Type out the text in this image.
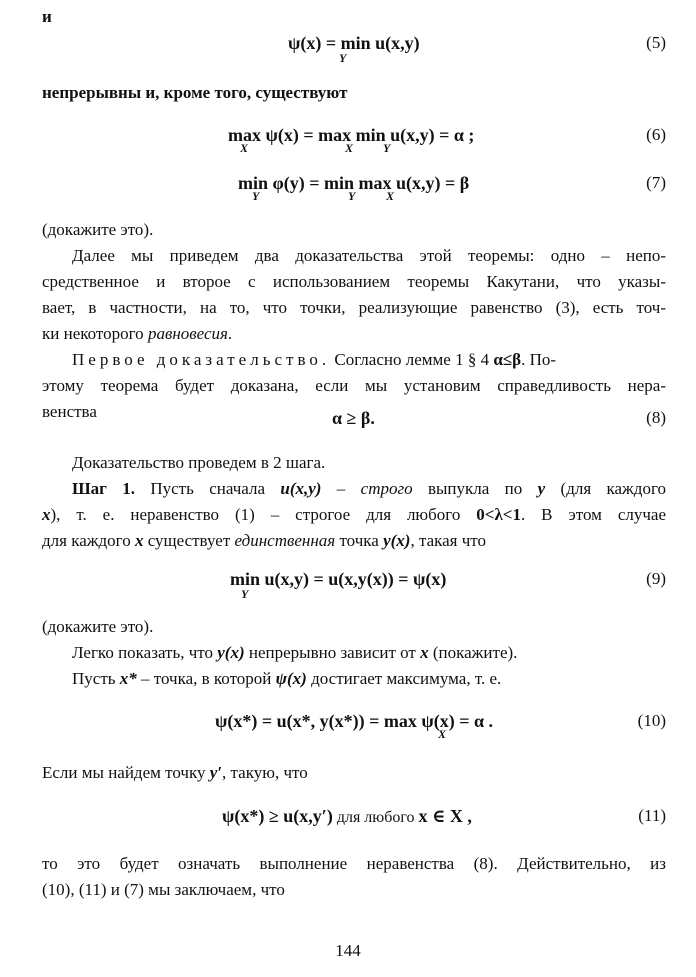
и
ψ(x) = min u(x,y)
Y
(5)
непрерывны и, кроме того, существуют
max ψ(x) = max min u(x,y) = α ;
X	X Y
(6)
min φ(y) = min max u(x,y) = β
Y	Y	X
(7)
(докажите это).
Далее мы приведем два доказательства этой теоремы: одно – непо-
средственное и второе с использованием теоремы Какутани, что указы-
вает, в частности, на то, что точки, реализующие равенство (3), есть точ-
ки некоторого равновесия.
Первое доказательство. Согласно лемме 1 § 4 α≤β. По-
этому теорема будет доказана, если мы установим справедливость нера-
венства	α ≥ β.	(8)
Доказательство проведем в 2 шага.
Шаг 1. Пусть сначала u(x,y) – строго выпукла по y (для каждого
x), т. е. неравенство (1) – строгое для любого 0<λ<1. В этом случае
для каждого x существует единственная точка y(x), такая что
min u(x,y) = u(x,y(x)) = ψ(x)
Y
(9)
(докажите это).
Легко показать, что y(x) непрерывно зависит от x (покажите).
Пусть x* – точка, в которой ψ(x) достигает максимума, т. е.
ψ(x*) = u(x*, y(x*)) = max ψ(x) = α .
X
(10)
Если мы найдем точку y′, такую, что
ψ(x*) ≥ u(x,y′) для любого x ∈ X ,	(11)
то это будет означать выполнение неравенства (8). Действительно, из
(10), (11) и (7) мы заключаем, что
144
